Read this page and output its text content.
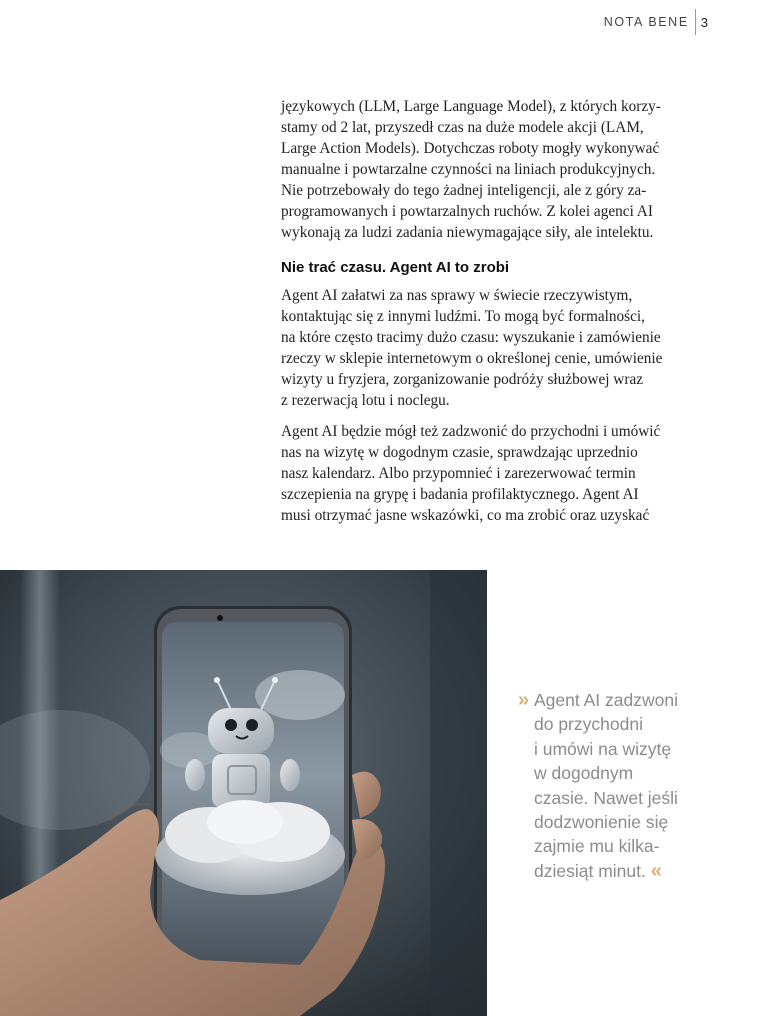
NOTA BENE 3

językowych (LLM, Large Language Model), z których korzy-
stamy od 2 lat, przyszedł czas na duże modele akcji (LAM,
Large Action Models). Dotychczas roboty mogły wykonywać
manualne i powtarzalne czynności na liniach produkcyjnych.
Nie potrzebowały do tego żadnej inteligencji, ale z góry za-
programowanych i powtarzalnych ruchów. Z kolei agenci AI
wykonają za ludzi zadania niewymagające siły, ale intelektu.

Nie trać czasu. Agent AI to zrobi

Agent AI załatwi za nas sprawy w świecie rzeczywistym,
kontaktując się z innymi ludźmi. To mogą być formalności,
na które często tracimy dużo czasu: wyszukanie i zamówienie
rzeczy w sklepie internetowym o określonej cenie, umówienie
wizyty u fryzjera, zorganizowanie podróży służbowej wraz
z rezerwacją lotu i noclegu.

Agent AI będzie mógł też zadzwonić do przychodni i umówić
nas na wizytę w dogodnym czasie, sprawdzając uprzednio
nasz kalendarz. Albo przypomnieć i zarezerwować termin
szczepienia na grypę i badania profilaktycznego. Agent AI
musi otrzymać jasne wskazówki, co ma zrobić oraz uzyskać

» Agent AI zadzwoni
do przychodni
i umówi na wizytę
w dogodnym
czasie. Nawet jeśli
dodzwonienie się
zajmie mu kilka-
dziesiąt minut. «
